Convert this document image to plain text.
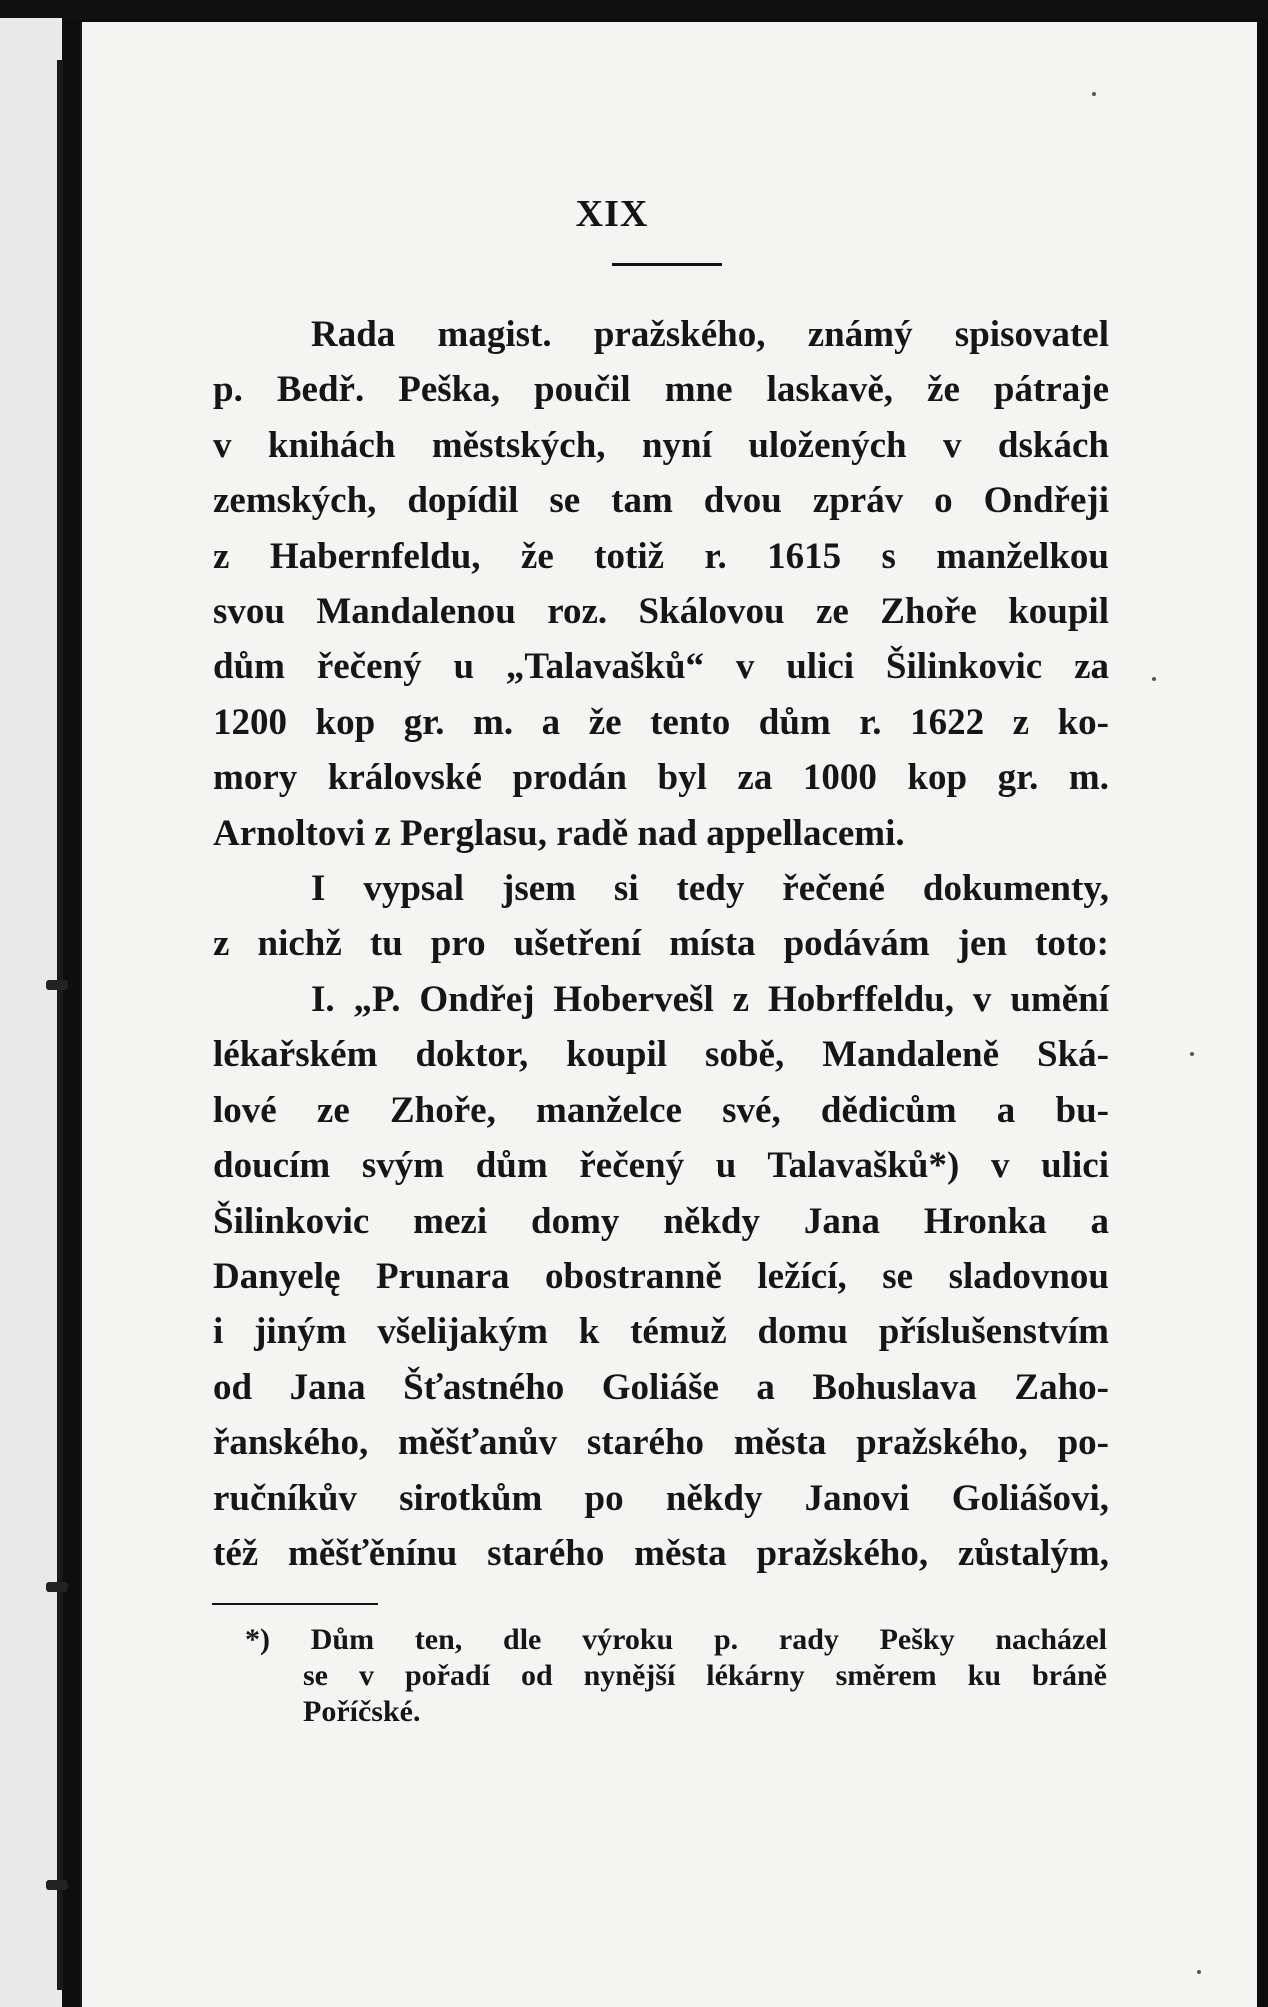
XIX
Rada magist. pražského, známý spisovatel
p. Bedř. Peška, poučil mne laskavě, že pátraje
v knihách městských, nyní uložených v dskách
zemských, dopídil se tam dvou zpráv o Ondřeji
z Habernfeldu, že totiž r. 1615 s manželkou
svou Mandalenou roz. Skálovou ze Zhoře koupil
dům řečený u „Talavašků“ v ulici Šilinkovic za
1200 kop gr. m. a že tento dům r. 1622 z ko-
mory královské prodán byl za 1000 kop gr. m.
Arnoltovi z Perglasu, radě nad appellacemi.
I vypsal jsem si tedy řečené dokumenty,
z nichž tu pro ušetření místa podávám jen toto:
I. „P. Ondřej Hobervešl z Hobrffeldu, v umění
lékařském doktor, koupil sobě, Mandaleně Ská-
lové ze Zhoře, manželce své, dědicům a bu-
doucím svým dům řečený u Talavašků*) v ulici
Šilinkovic mezi domy někdy Jana Hronka a
Danyelę Prunara obostranně ležící, se sladovnou
i jiným všelijakým k témuž domu příslušenstvím
od Jana Šťastného Goliáše a Bohuslava Zaho-
řanského, měšťanův starého města pražského, po-
ručníkův sirotkům po někdy Janovi Goliášovi,
též měšťěnínu starého města pražského, zůstalým,
*) Dům ten, dle výroku p. rady Pešky nacházel
se v pořadí od nynější lékárny směrem ku bráně
Poříčské.
